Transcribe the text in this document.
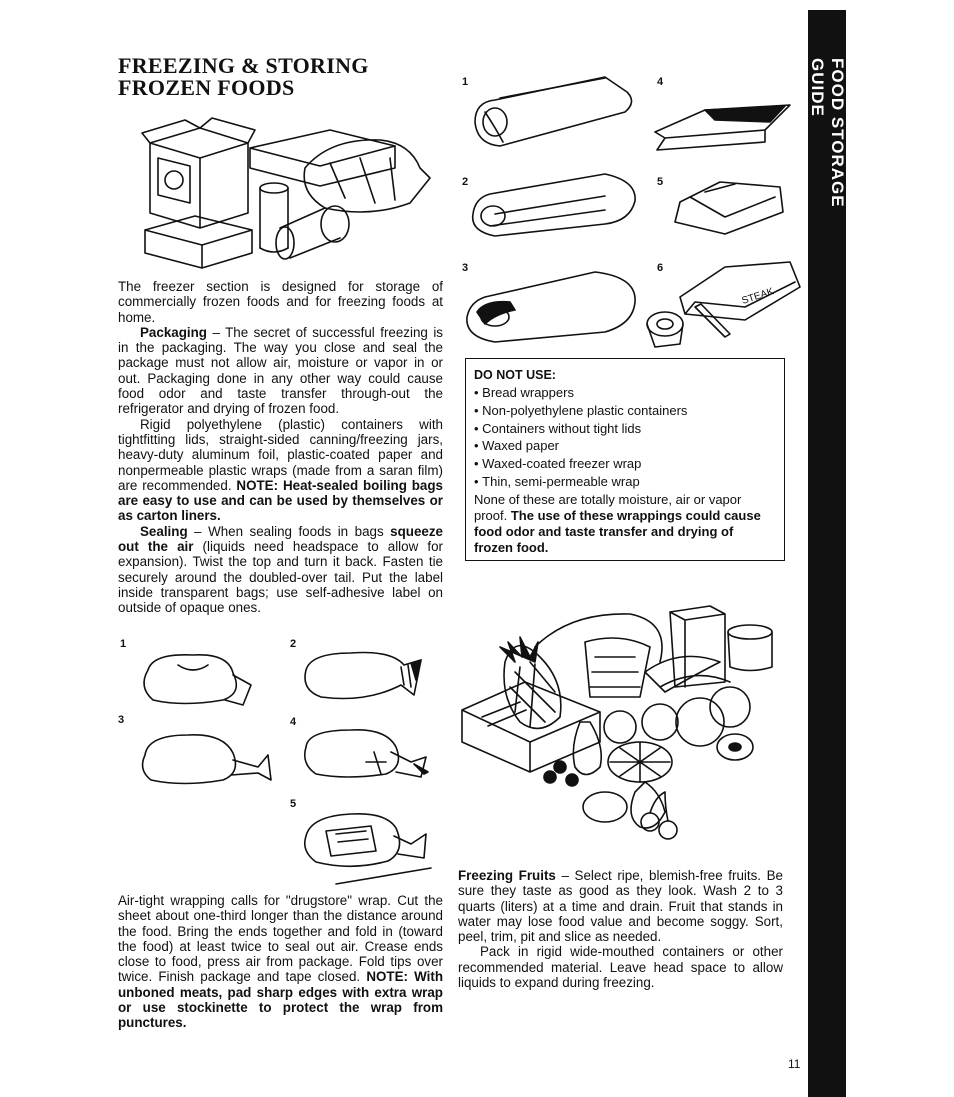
FOOD STORAGE GUIDE
FREEZING & STORING
FROZEN FOODS

The freezer section is designed for storage of commercially frozen foods and for freezing foods at home.

Packaging – The secret of successful freezing is in the packaging. The way you close and seal the package must not allow air, moisture or vapor in or out. Packaging done in any other way could cause food odor and taste transfer through-out the refrigerator and drying of frozen food.

Rigid polyethylene (plastic) containers with tightfitting lids, straight-sided canning/freezing jars, heavy-duty aluminum foil, plastic-coated paper and nonpermeable plastic wraps (made from a saran film) are recommended. NOTE: Heat-sealed boiling bags are easy to use and can be used by themselves or as carton liners.

Sealing – When sealing foods in bags squeeze out the air (liquids need headspace to allow for expansion). Twist the top and turn it back. Fasten tie securely around the doubled-over tail. Put the label inside transparent bags; use self-adhesive label on outside of opaque ones.

1	4
2	5
3	6
STEAK
DO NOT USE:
• Bread wrappers
• Non-polyethylene plastic containers
• Containers without tight lids
• Waxed paper
• Waxed-coated freezer wrap
• Thin, semi-permeable wrap
None of these are totally moisture, air or vapor proof. The use of these wrappings could cause food odor and taste transfer and drying of frozen food.
1	2
3	4
5

Air-tight wrapping calls for "drugstore" wrap. Cut the sheet about one-third longer than the distance around the food. Bring the ends together and fold in (toward the food) at least twice to seal out air. Crease ends close to food, press air from package. Fold tips over twice. Finish package and tape closed. NOTE: With unboned meats, pad sharp edges with extra wrap or use stockinette to protect the wrap from punctures.

Freezing Fruits – Select ripe, blemish-free fruits. Be sure they taste as good as they look. Wash 2 to 3 quarts (liters) at a time and drain. Fruit that stands in water may lose food value and become soggy. Sort, peel, trim, pit and slice as needed.

Pack in rigid wide-mouthed containers or other recommended material. Leave head space to allow liquids to expand during freezing.

11
